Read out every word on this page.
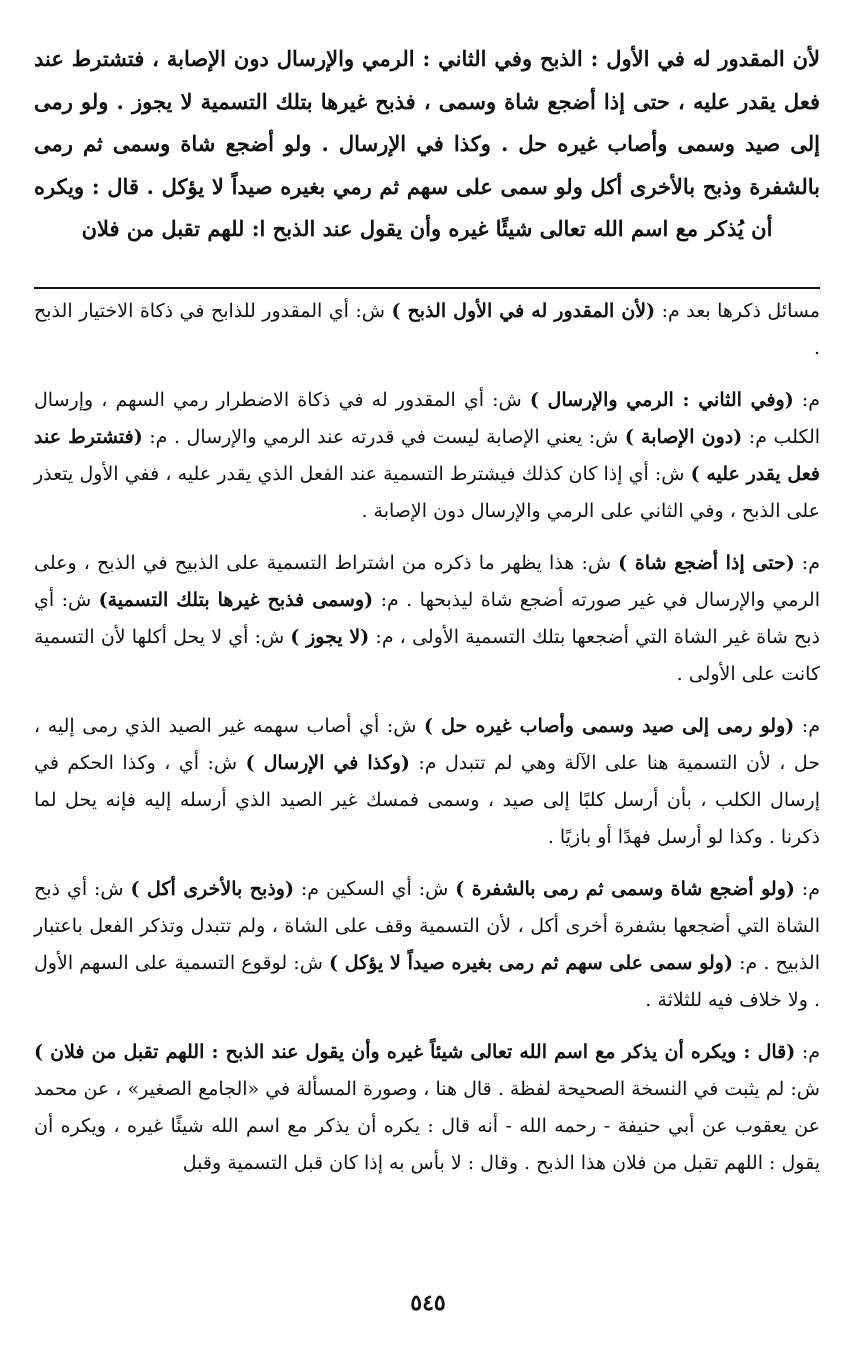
لأن المقدور له في الأول : الذبح وفي الثاني : الرمي والإرسال دون الإصابة ، فتشترط عند فعل يقدر عليه ، حتى إذا أضجع شاة وسمى ، فذبح غيرها بتلك التسمية لا يجوز . ولو رمى إلى صيد وسمى وأصاب غيره حل . وكذا في الإرسال . ولو أضجع شاة وسمى ثم رمى بالشفرة وذبح بالأخرى أكل ولو سمى على سهم ثم رمي بغيره صيداً لا يؤكل . قال : ويكره أن يُذكر مع اسم الله تعالى شيئًا غيره وأن يقول عند الذبح ا: للهم تقبل من فلان

مسائل ذكرها بعد م: (لأن المقدور له في الأول الذبح ) ش: أي المقدور للذابح في ذكاة الاختيار الذبح .

م: (وفي الثاني : الرمي والإرسال ) ش: أي المقدور له في ذكاة الاضطرار رمي السهم ، وإرسال الكلب م: (دون الإصابة ) ش: يعني الإصابة ليست في قدرته عند الرمي والإرسال . م: (فتشترط عند فعل يقدر عليه ) ش: أي إذا كان كذلك فيشترط التسمية عند الفعل الذي يقدر عليه ، ففي الأول يتعذر على الذبح ، وفي الثاني على الرمي والإرسال دون الإصابة .

م: (حتى إذا أضجع شاة ) ش: هذا يظهر ما ذكره من اشتراط التسمية على الذبيح في الذبح ، وعلى الرمي والإرسال في غير صورته أضجع شاة ليذبحها . م: (وسمى فذبح غيرها بتلك التسمية) ش: أي ذبح شاة غير الشاة التي أضجعها بتلك التسمية الأولى ، م: (لا يجوز ) ش: أي لا يحل أكلها لأن التسمية كانت على الأولى .

م: (ولو رمى إلى صيد وسمى وأصاب غيره حل ) ش: أي أصاب سهمه غير الصيد الذي رمى إليه ، حل ، لأن التسمية هنا على الآلة وهي لم تتبدل م: (وكذا في الإرسال ) ش: أي ، وكذا الحكم في إرسال الكلب ، بأن أرسل كلبًا إلى صيد ، وسمى فمسك غير الصيد الذي أرسله إليه فإنه يحل لما ذكرنا . وكذا لو أرسل فهدًا أو بازيًا .

م: (ولو أضجع شاة وسمى ثم رمى بالشفرة ) ش: أي السكين م: (وذبح بالأخرى أكل ) ش: أي ذبح الشاة التي أضجعها بشفرة أخرى أكل ، لأن التسمية وقف على الشاة ، ولم تتبدل وتذكر الفعل باعتبار الذبيح . م: (ولو سمى على سهم ثم رمى بغيره صيداً لا يؤكل ) ش: لوقوع التسمية على السهم الأول . ولا خلاف فيه للثلاثة .

م: (قال : ويكره أن يذكر مع اسم الله تعالى شيئاً غيره وأن يقول عند الذبح : اللهم تقبل من فلان ) ش: لم يثبت في النسخة الصحيحة لفظة . قال هنا ، وصورة المسألة في «الجامع الصغير» ، عن محمد عن يعقوب عن أبي حنيفة - رحمه الله - أنه قال : يكره أن يذكر مع اسم الله شيئًا غيره ، ويكره أن يقول : اللهم تقبل من فلان هذا الذبح . وقال : لا بأس به إذا كان قبل التسمية وقبل

٥٤٥
